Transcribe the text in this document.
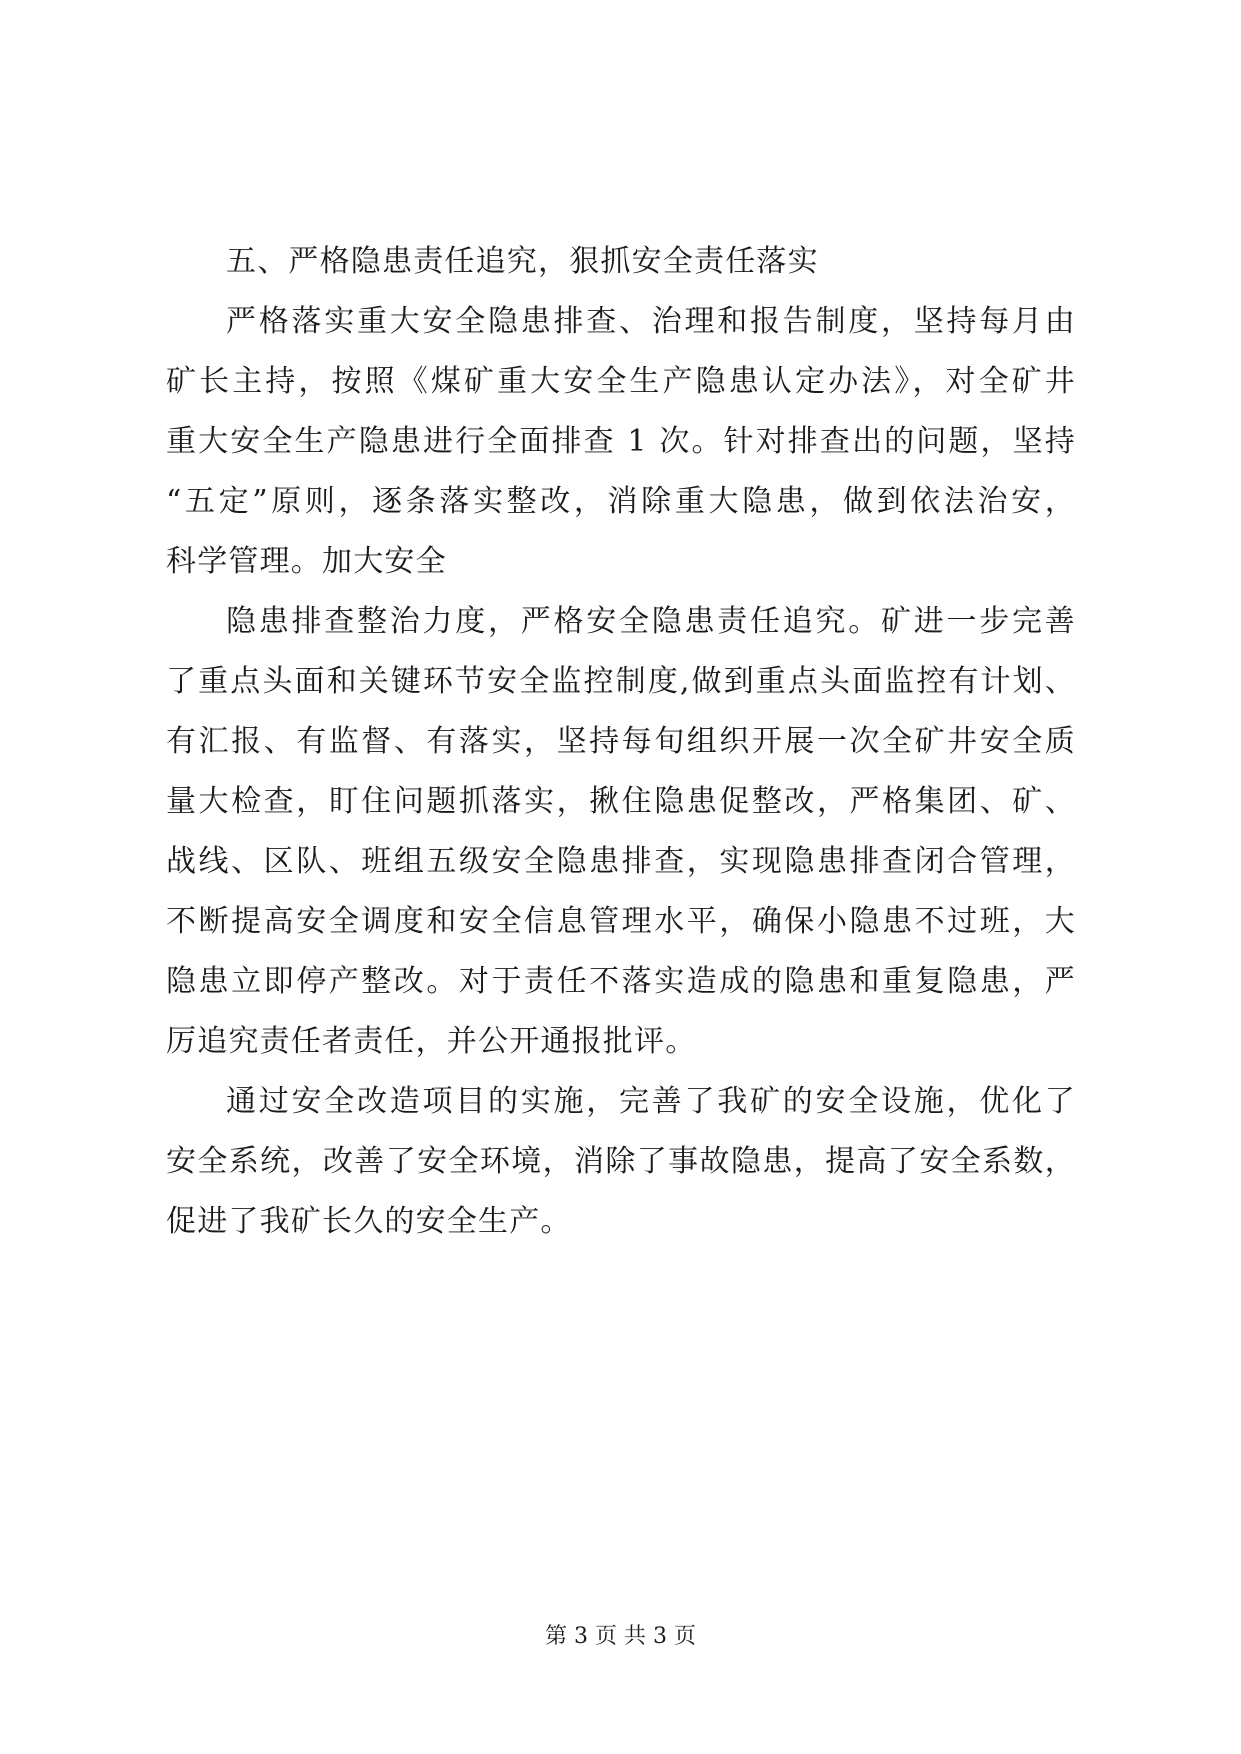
五、严格隐患责任追究，狠抓安全责任落实
严格落实重大安全隐患排查、治理和报告制度，坚持每月由
矿长主持，按照《煤矿重大安全生产隐患认定办法》，对全矿井
重大安全生产隐患进行全面排查 1 次。针对排查出的问题，坚持
“五定”原则，逐条落实整改，消除重大隐患，做到依法治安，
科学管理。加大安全
隐患排查整治力度，严格安全隐患责任追究。矿进一步完善
了重点头面和关键环节安全监控制度,做到重点头面监控有计划、
有汇报、有监督、有落实，坚持每旬组织开展一次全矿井安全质
量大检查，盯住问题抓落实，揪住隐患促整改，严格集团、矿、
战线、区队、班组五级安全隐患排查，实现隐患排查闭合管理，
不断提高安全调度和安全信息管理水平，确保小隐患不过班，大
隐患立即停产整改。对于责任不落实造成的隐患和重复隐患，严
厉追究责任者责任，并公开通报批评。
通过安全改造项目的实施，完善了我矿的安全设施，优化了
安全系统，改善了安全环境，消除了事故隐患，提高了安全系数，
促进了我矿长久的安全生产。
第 3 页 共 3 页
